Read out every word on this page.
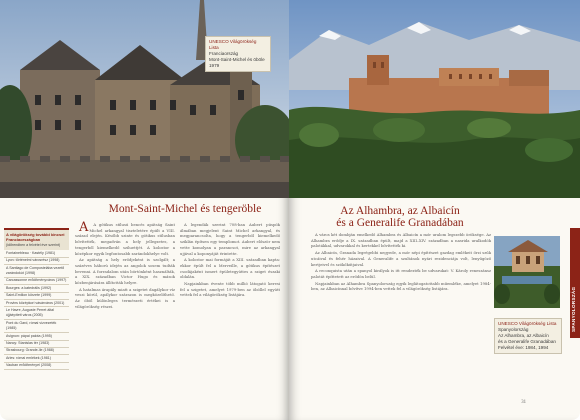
UNESCO Világörökség Lista
Franciaország
Mont-Saint-Michel és öböle
1979
Mont-Saint-Michel és tengeröble
A világörökség további kincsei Franciaországban
(időrendben a felvétel éve szerint)
Fontainebleau · Kastély (1981)
Lyon: történelmi városrész (1998)
A Santiago de Compostelába vezető zarándokút (1998)
Carcassonne erődítményváros (1997)
Bourges: a katedrális (1992)
Saint-Emilion körzete (1999)
Provins középkori vásárváros (2001)
Le Havre, Auguste Perret által újjáépített város (2005)
Pont du Gard, római vízvezeték (1985)
Avignon: pápai palota (1995)
Nancy: Stanislas tér (1983)
Strasbourg: Grande-île (1988)
Arles: római emlékek (1981)
Vauban erődítményei (2008)

A A gótikus stílusú bencés apátság Saint Michel arkangyal tiszteletére épült a VIII. század elején. Később szinte és gótikus stílusban bővítették, megadván a hely jellegzetes, a tengerből kiemelkedő sziluettjét. A kolostor a középkor egyik legfontosabb zarándokhelye volt.

Az apátság a hely erődjeként is szolgált; a százéves háború idején az angolok sosem tudták bevenni. A forradalom után börtönként használták, a XIX. században Victor Hugo és mások közbenjárására állították helyre.

A hatalmas árapály miatt a szigetet dagálykor víz veszi körül, apálykor szárazon is megközelíthető. Az öböl különleges természeti értékei is a világörökség részei.

A legendák szerint 708-ban Aubert püspök álmában megjelent Saint Michel arkangyal, és megparancsolta, hogy a tengerből kiemelkedő sziklán építsen egy templomot. Aubert először nem vette komolyan a parancsot, mire az arkangyal ujjával a koponyáját érintette.

A kolostor mai formáját a XIII. században kapta: ekkor épült fel a Merveille, a gótikus építészet csodájaként ismert épületegyüttes a sziget északi oldalán.

Napjainkban évente több millió látogató keresi fel a szigetet, amelyet 1979-ben az öböllel együtt vettek fel a világörökség listájára.

Az Alhambra, az Albaicín
és a Generalife Granadában

A város két dombján emelkedő Alhambra és Albaicín a mór uralom legszebb öröksége. Az Alhambra erődje a IX. században épült, majd a XIII–XIV. században a nasrida uralkodók palotákkal, udvarokkal és kertekkel bővítették ki.

Az Albaicín, Granada legrégebbi negyede, a mór népi építészet gazdag emlékeit őrzi szűk utcáival és fehér házaival. A Generalife a szultánok nyári rezidenciája volt, lenyűgöző kertjeivel és szökőkútjaival.

A reconquista után a spanyol királyok is itt rendezték be udvarukat: V. Károly reneszánsz palotát építtetett az erődön belül.

Napjainkban az Alhambra Spanyolország egyik leglátogatottabb műemléke, amelyet 1984-ben, az Albaicínnal bővítve 1994-ben vettek fel a világörökség listájára.

UNESCO Világörökség Lista
Spanyolország
Az Alhambra, az Albaicín
és a Generalife Granadában
Felvétel éve: 1984, 1994
SPANYOLORSZÁG
31
